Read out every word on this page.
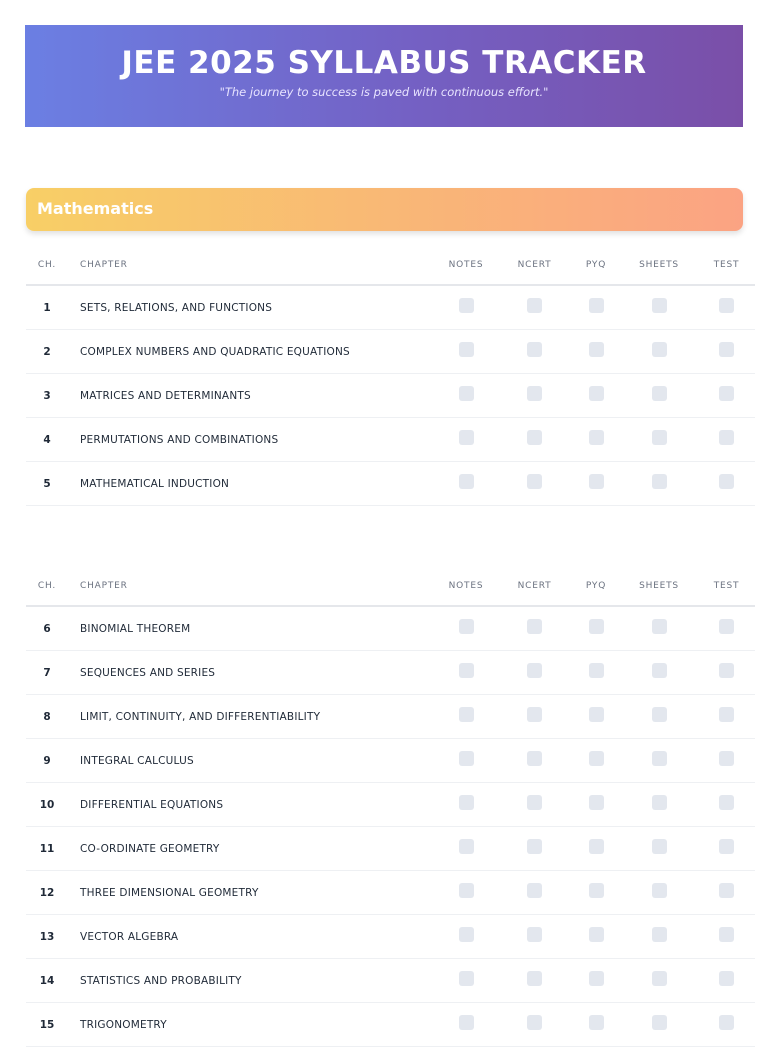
JEE 2025 SYLLABUS TRACKER
"The journey to success is paved with continuous effort."
Mathematics
CH.	CHAPTER	NOTES	NCERT	PYQ	SHEETS	TEST
1	SETS, RELATIONS, AND FUNCTIONS					
2	COMPLEX NUMBERS AND QUADRATIC EQUATIONS					
3	MATRICES AND DETERMINANTS					
4	PERMUTATIONS AND COMBINATIONS					
5	MATHEMATICAL INDUCTION					
CH.	CHAPTER	NOTES	NCERT	PYQ	SHEETS	TEST
6	BINOMIAL THEOREM					
7	SEQUENCES AND SERIES					
8	LIMIT, CONTINUITY, AND DIFFERENTIABILITY					
9	INTEGRAL CALCULUS					
10	DIFFERENTIAL EQUATIONS					
11	CO-ORDINATE GEOMETRY					
12	THREE DIMENSIONAL GEOMETRY					
13	VECTOR ALGEBRA					
14	STATISTICS AND PROBABILITY					
15	TRIGONOMETRY					
